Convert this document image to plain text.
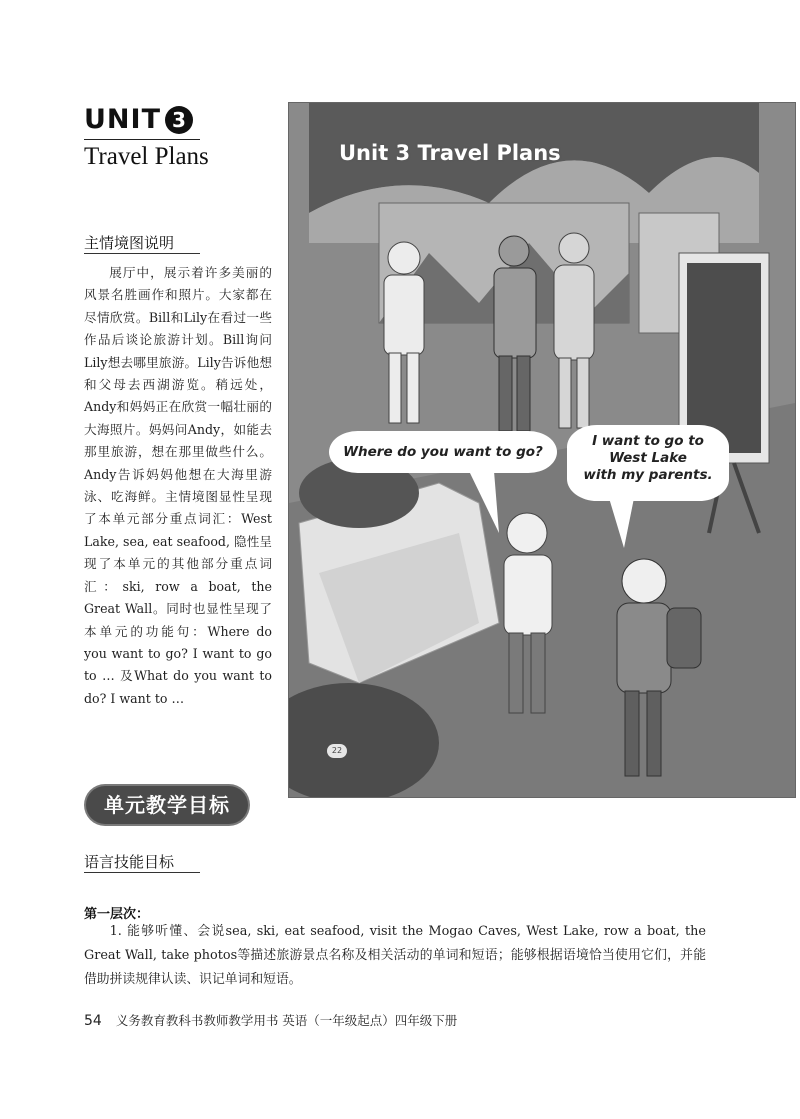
UNIT 3
Travel Plans
主情境图说明

展厅中，展示着许多美丽的风景名胜画作和照片。大家都在尽情欣赏。Bill和Lily在看过一些作品后谈论旅游计划。Bill询问Lily想去哪里旅游。Lily告诉他想和父母去西湖游览。稍远处，Andy和妈妈正在欣赏一幅壮丽的大海照片。妈妈问Andy，如能去那里旅游，想在那里做些什么。Andy告诉妈妈他想在大海里游泳、吃海鲜。主情境图显性呈现了本单元部分重点词汇：West Lake, sea, eat seafood, 隐性呈现了本单元的其他部分重点词汇：ski, row a boat, the Great Wall。同时也显性呈现了本单元的功能句：Where do you want to go? I want to go to … 及What do you want to do? I want to …

Unit 3 Travel Plans
Where do you want to go?
I want to go to
West Lake
with my parents.
22
单元教学目标
语言技能目标
第一层次：

1. 能够听懂、会说sea, ski, eat seafood, visit the Mogao Caves, West Lake, row a boat, the Great Wall, take photos等描述旅游景点名称及相关活动的单词和短语；能够根据语境恰当使用它们，并能借助拼读规律认读、识记单词和短语。

54 义务教育教科书教师教学用书 英语（一年级起点）四年级下册
